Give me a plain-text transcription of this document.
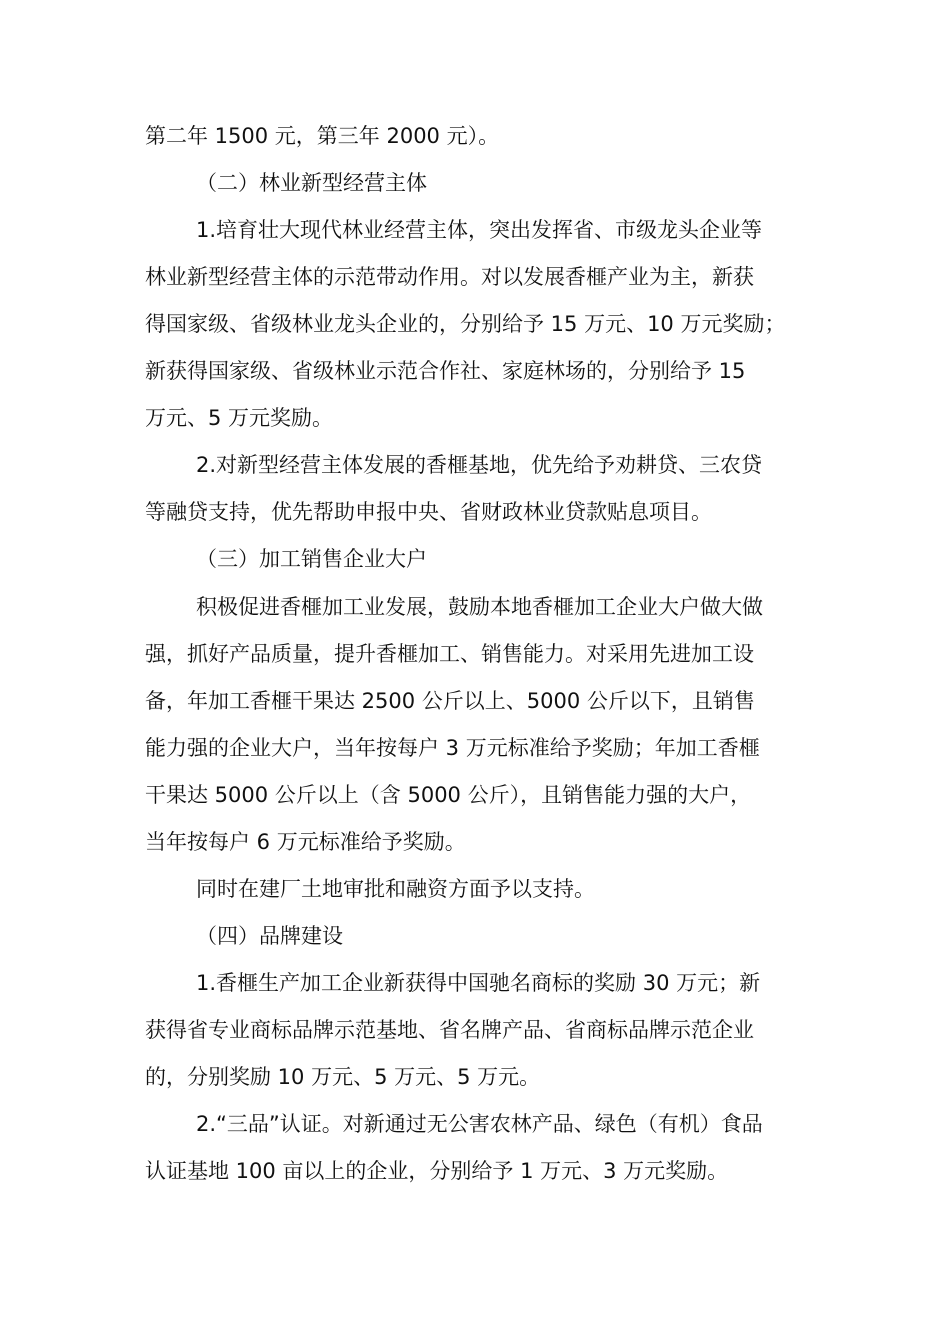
第二年 1500 元，第三年 2000 元）。
（二）林业新型经营主体
1.培育壮大现代林业经营主体，突出发挥省、市级龙头企业等
林业新型经营主体的示范带动作用。对以发展香榧产业为主，新获
得国家级、省级林业龙头企业的，分别给予 15 万元、10 万元奖励；
新获得国家级、省级林业示范合作社、家庭林场的，分别给予 15
万元、5 万元奖励。
2.对新型经营主体发展的香榧基地，优先给予劝耕贷、三农贷
等融贷支持，优先帮助申报中央、省财政林业贷款贴息项目。
（三）加工销售企业大户
积极促进香榧加工业发展，鼓励本地香榧加工企业大户做大做
强，抓好产品质量，提升香榧加工、销售能力。对采用先进加工设
备，年加工香榧干果达 2500 公斤以上、5000 公斤以下，且销售
能力强的企业大户，当年按每户 3 万元标准给予奖励；年加工香榧
干果达 5000 公斤以上（含 5000 公斤），且销售能力强的大户，
当年按每户 6 万元标准给予奖励。
同时在建厂土地审批和融资方面予以支持。
（四）品牌建设
1.香榧生产加工企业新获得中国驰名商标的奖励 30 万元；新
获得省专业商标品牌示范基地、省名牌产品、省商标品牌示范企业
的，分别奖励 10 万元、5 万元、5 万元。
2.“三品”认证。对新通过无公害农林产品、绿色（有机）食品
认证基地 100 亩以上的企业，分别给予 1 万元、3 万元奖励。
